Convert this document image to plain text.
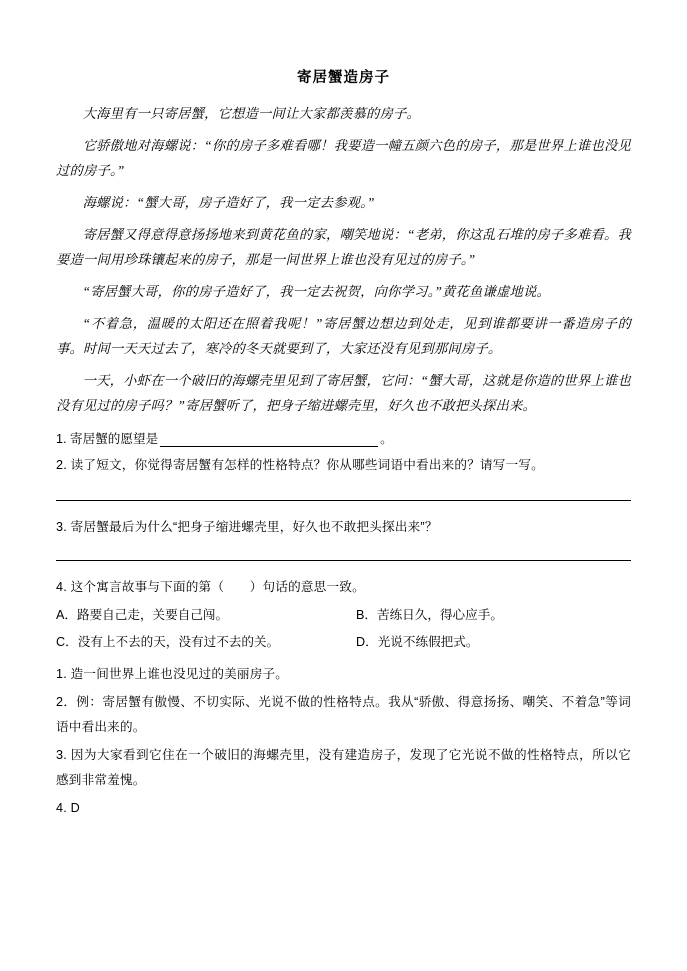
寄居蟹造房子

大海里有一只寄居蟹，它想造一间让大家都羡慕的房子。

它骄傲地对海螺说：“你的房子多难看哪！我要造一幢五颜六色的房子，那是世界上谁也没见过的房子。”

海螺说：“蟹大哥，房子造好了，我一定去参观。”

寄居蟹又得意得意扬扬地来到黄花鱼的家，嘲笑地说：“老弟，你这乱石堆的房子多难看。我要造一间用珍珠镶起来的房子，那是一间世界上谁也没有见过的房子。”

“寄居蟹大哥，你的房子造好了，我一定去祝贺，向你学习。”黄花鱼谦虚地说。

“不着急，温暖的太阳还在照着我呢！”寄居蟹边想边到处走，见到谁都要讲一番造房子的事。时间一天天过去了，寒冷的冬天就要到了，大家还没有见到那间房子。

一天，小虾在一个破旧的海螺壳里见到了寄居蟹，它问：“蟹大哥，这就是你造的世界上谁也没有见过的房子吗？”寄居蟹听了，把身子缩进螺壳里，好久也不敢把头探出来。

1. 寄居蟹的愿望是	。

2. 读了短文，你觉得寄居蟹有怎样的性格特点？你从哪些词语中看出来的？请写一写。

3. 寄居蟹最后为什么“把身子缩进螺壳里，好久也不敢把头探出来”？

4. 这个寓言故事与下面的第（　　）句话的意思一致。

A．路要自己走，关要自己闯。	B．苦练日久，得心应手。
C．没有上不去的天，没有过不去的关。	D．光说不练假把式。

1. 造一间世界上谁也没见过的美丽房子。

2．例：寄居蟹有傲慢、不切实际、光说不做的性格特点。我从“骄傲、得意扬扬、嘲笑、不着急”等词语中看出来的。

3. 因为大家看到它住在一个破旧的海螺壳里，没有建造房子，发现了它光说不做的性格特点，所以它感到非常羞愧。

4. D
